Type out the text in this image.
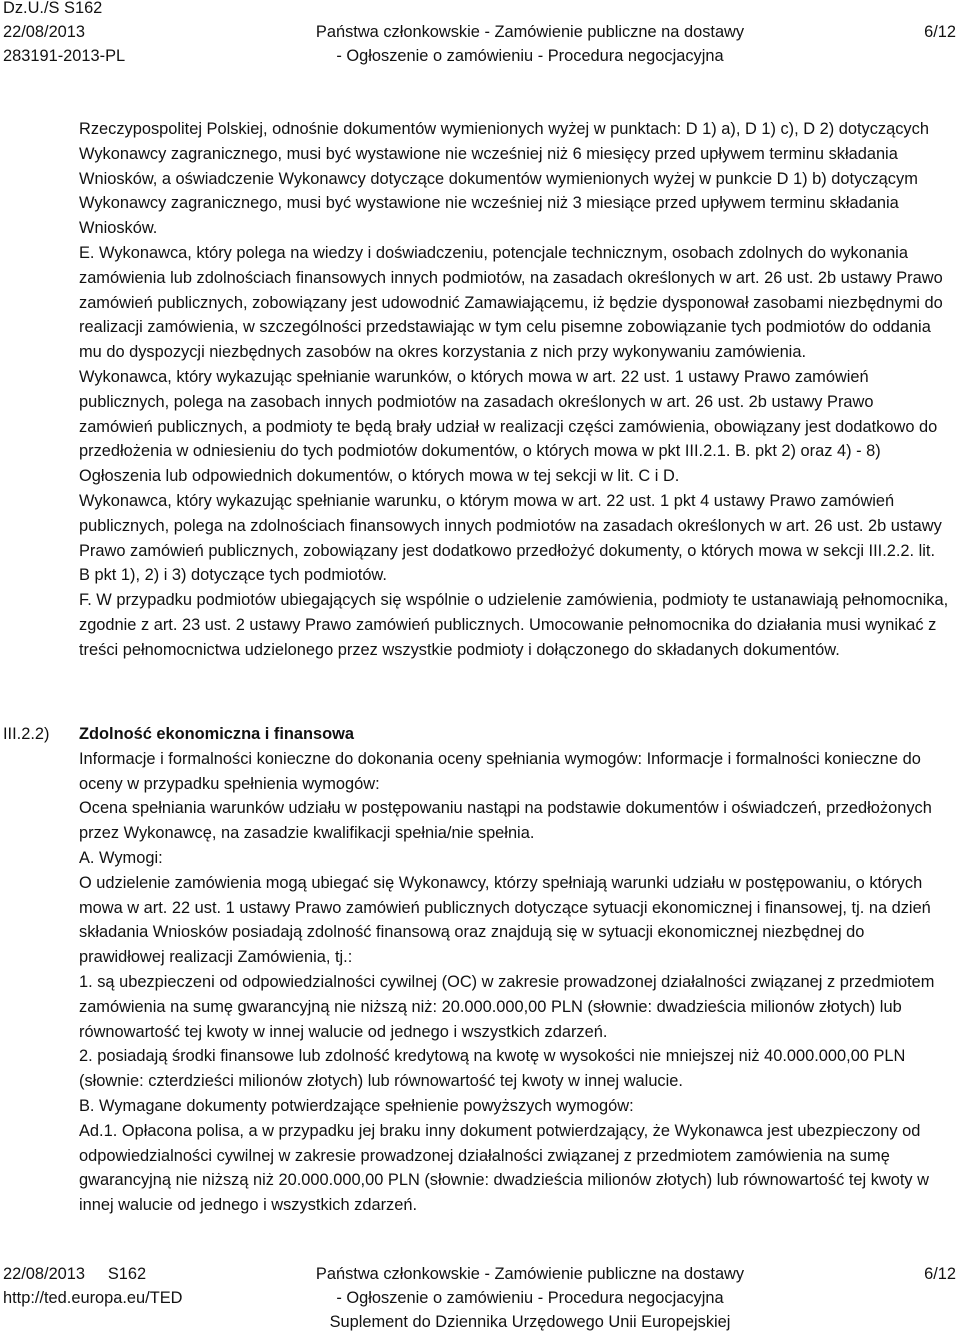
Dz.U./S S162
22/08/2013
283191-2013-PL
Państwa członkowskie - Zamówienie publiczne na dostawy
- Ogłoszenie o zamówieniu - Procedura negocjacyjna
6/12

Rzeczypospolitej Polskiej, odnośnie dokumentów wymienionych wyżej w punktach: D 1) a), D 1) c), D 2) dotyczących Wykonawcy zagranicznego, musi być wystawione nie wcześniej niż 6 miesięcy przed upływem terminu składania Wniosków, a oświadczenie Wykonawcy dotyczące dokumentów wymienionych wyżej w punkcie D 1) b) dotyczącym Wykonawcy zagranicznego, musi być wystawione nie wcześniej niż 3 miesiące przed upływem terminu składania Wniosków.

E. Wykonawca, który polega na wiedzy i doświadczeniu, potencjale technicznym, osobach zdolnych do wykonania zamówienia lub zdolnościach finansowych innych podmiotów, na zasadach określonych w art. 26 ust. 2b ustawy Prawo zamówień publicznych, zobowiązany jest udowodnić Zamawiającemu, iż będzie dysponował zasobami niezbędnymi do realizacji zamówienia, w szczególności przedstawiając w tym celu pisemne zobowiązanie tych podmiotów do oddania mu do dyspozycji niezbędnych zasobów na okres korzystania z nich przy wykonywaniu zamówienia.

Wykonawca, który wykazując spełnianie warunków, o których mowa w art. 22 ust. 1 ustawy Prawo zamówień publicznych, polega na zasobach innych podmiotów na zasadach określonych w art. 26 ust. 2b ustawy Prawo zamówień publicznych, a podmioty te będą brały udział w realizacji części zamówienia, obowiązany jest dodatkowo do przedłożenia w odniesieniu do tych podmiotów dokumentów, o których mowa w pkt III.2.1. B. pkt 2) oraz 4) - 8) Ogłoszenia lub odpowiednich dokumentów, o których mowa w tej sekcji w lit. C i D.

Wykonawca, który wykazując spełnianie warunku, o którym mowa w art. 22 ust. 1 pkt 4 ustawy Prawo zamówień publicznych, polega na zdolnościach finansowych innych podmiotów na zasadach określonych w art. 26 ust. 2b ustawy Prawo zamówień publicznych, zobowiązany jest dodatkowo przedłożyć dokumenty, o których mowa w sekcji III.2.2. lit. B pkt 1), 2) i 3) dotyczące tych podmiotów.

F. W przypadku podmiotów ubiegających się wspólnie o udzielenie zamówienia, podmioty te ustanawiają pełnomocnika, zgodnie z art. 23 ust. 2 ustawy Prawo zamówień publicznych. Umocowanie pełnomocnika do działania musi wynikać z treści pełnomocnictwa udzielonego przez wszystkie podmioty i dołączonego do składanych dokumentów.

III.2.2) Zdolność ekonomiczna i finansowa

Informacje i formalności konieczne do dokonania oceny spełniania wymogów: Informacje i formalności konieczne do oceny w przypadku spełnienia wymogów:

Ocena spełniania warunków udziału w postępowaniu nastąpi na podstawie dokumentów i oświadczeń, przedłożonych przez Wykonawcę, na zasadzie kwalifikacji spełnia/nie spełnia.

A. Wymogi:

O udzielenie zamówienia mogą ubiegać się Wykonawcy, którzy spełniają warunki udziału w postępowaniu, o których mowa w art. 22 ust. 1 ustawy Prawo zamówień publicznych dotyczące sytuacji ekonomicznej i finansowej, tj. na dzień składania Wniosków posiadają zdolność finansową oraz znajdują się w sytuacji ekonomicznej niezbędnej do prawidłowej realizacji Zamówienia, tj.:

1. są ubezpieczeni od odpowiedzialności cywilnej (OC) w zakresie prowadzonej działalności związanej z przedmiotem zamówienia na sumę gwarancyjną nie niższą niż: 20.000.000,00 PLN (słownie: dwadzieścia milionów złotych) lub równowartość tej kwoty w innej walucie od jednego i wszystkich zdarzeń.

2. posiadają środki finansowe lub zdolność kredytową na kwotę w wysokości nie mniejszej niż 40.000.000,00 PLN (słownie: czterdzieści milionów złotych) lub równowartość tej kwoty w innej walucie.

B. Wymagane dokumenty potwierdzające spełnienie powyższych wymogów:

Ad.1. Opłacona polisa, a w przypadku jej braku inny dokument potwierdzający, że Wykonawca jest ubezpieczony od odpowiedzialności cywilnej w zakresie prowadzonej działalności związanej z przedmiotem zamówienia na sumę gwarancyjną nie niższą niż 20.000.000,00 PLN (słownie: dwadzieścia milionów złotych) lub równowartość tej kwoty w innej walucie od jednego i wszystkich zdarzeń.

22/08/2013 S162
http://ted.europa.eu/TED
Państwa członkowskie - Zamówienie publiczne na dostawy
- Ogłoszenie o zamówieniu - Procedura negocjacyjna
Suplement do Dziennika Urzędowego Unii Europejskiej
6/12
